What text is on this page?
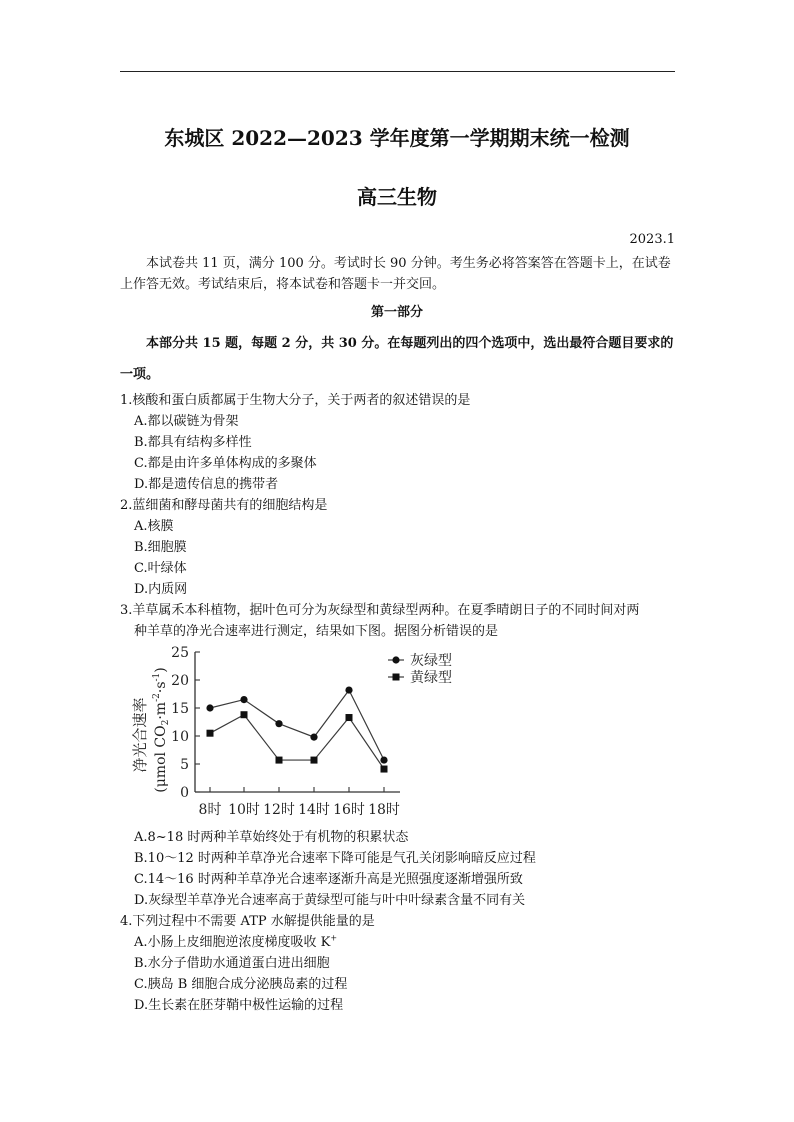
东城区 2022—2023 学年度第一学期期末统一检测
高三生物
2023.1
本试卷共 11 页，满分 100 分。考试时长 90 分钟。考生务必将答案答在答题卡上，在试卷上作答无效。考试结束后，将本试卷和答题卡一并交回。
第一部分
本部分共 15 题，每题 2 分，共 30 分。在每题列出的四个选项中，选出最符合题目要求的一项。
1.核酸和蛋白质都属于生物大分子，关于两者的叙述错误的是
A.都以碳链为骨架
B.都具有结构多样性
C.都是由许多单体构成的多聚体
D.都是遗传信息的携带者
2.蓝细菌和酵母菌共有的细胞结构是
A.核膜
B.细胞膜
C.叶绿体
D.内质网
3.羊草属禾本科植物，据叶色可分为灰绿型和黄绿型两种。在夏季晴朗日子的不同时间对两
种羊草的净光合速率进行测定，结果如下图。据图分析错误的是
净光合速率 (μmol $CO_2\cdot m^{-2}\cdot s^{-1}$)
0
5
10
15
20
25
8时 10时 12时 14时 16时 18时
灰绿型
黄绿型
A.8~18 时两种羊草始终处于有机物的积累状态
B.10～12 时两种羊草净光合速率下降可能是气孔关闭影响暗反应过程
C.14～16 时两种羊草净光合速率逐渐升高是光照强度逐渐增强所致
D.灰绿型羊草净光合速率高于黄绿型可能与叶中叶绿素含量不同有关
4.下列过程中不需要 ATP 水解提供能量的是
A.小肠上皮细胞逆浓度梯度吸收 K+
B.水分子借助水通道蛋白进出细胞
C.胰岛 B 细胞合成分泌胰岛素的过程
D.生长素在胚芽鞘中极性运输的过程
